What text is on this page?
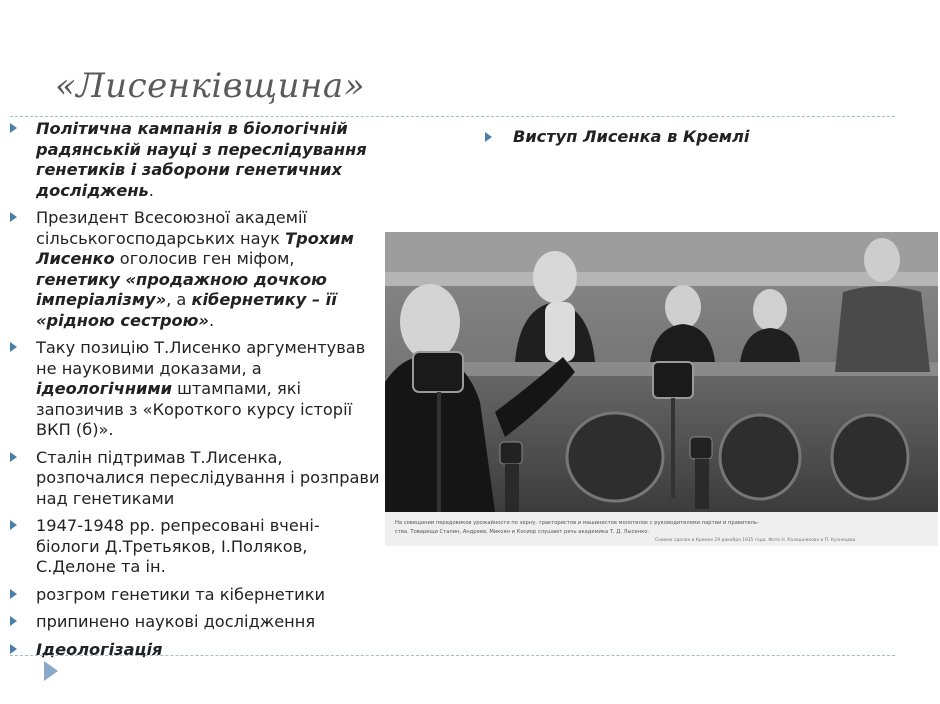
«Лисенківщина»
Політична кампанія в біологічній радянській науці з переслідування генетиків і заборони генетичних досліджень.
Президент Всесоюзної академії сільськогосподарських наук Трохим Лисенко оголосив ген міфом, генетику «продажною дочкою імперіалізму», а кібернетику – її «рідною сестрою».
Таку позицію Т.Лисенко аргументував не науковими доказами, а ідеологічними штампами, які запозичив з «Короткого курсу історії ВКП (б)».
Сталін підтримав Т.Лисенка, розпочалися переслідування і розправи над генетиками
1947-1948 рр. репресовані вчені-біологи Д.Третьяков, І.Поляков, С.Делоне та ін.
розгром генетики та кібернетики
припинено наукові дослідження
Ідеологізація
Виступ Лисенка в Кремлі
На совещании передовиков урожайности по зерну, трактористов и машинистов молотилок с руководителями партии и правитель-
ства. Товарищи Сталин, Андреев, Микоян и Косиор слушают речь академика Т. Д. Лысенко.
Снимок сделан в Кремле 29 декабря 1935 года. Фото Н. Калашникова и П. Кузнецова
